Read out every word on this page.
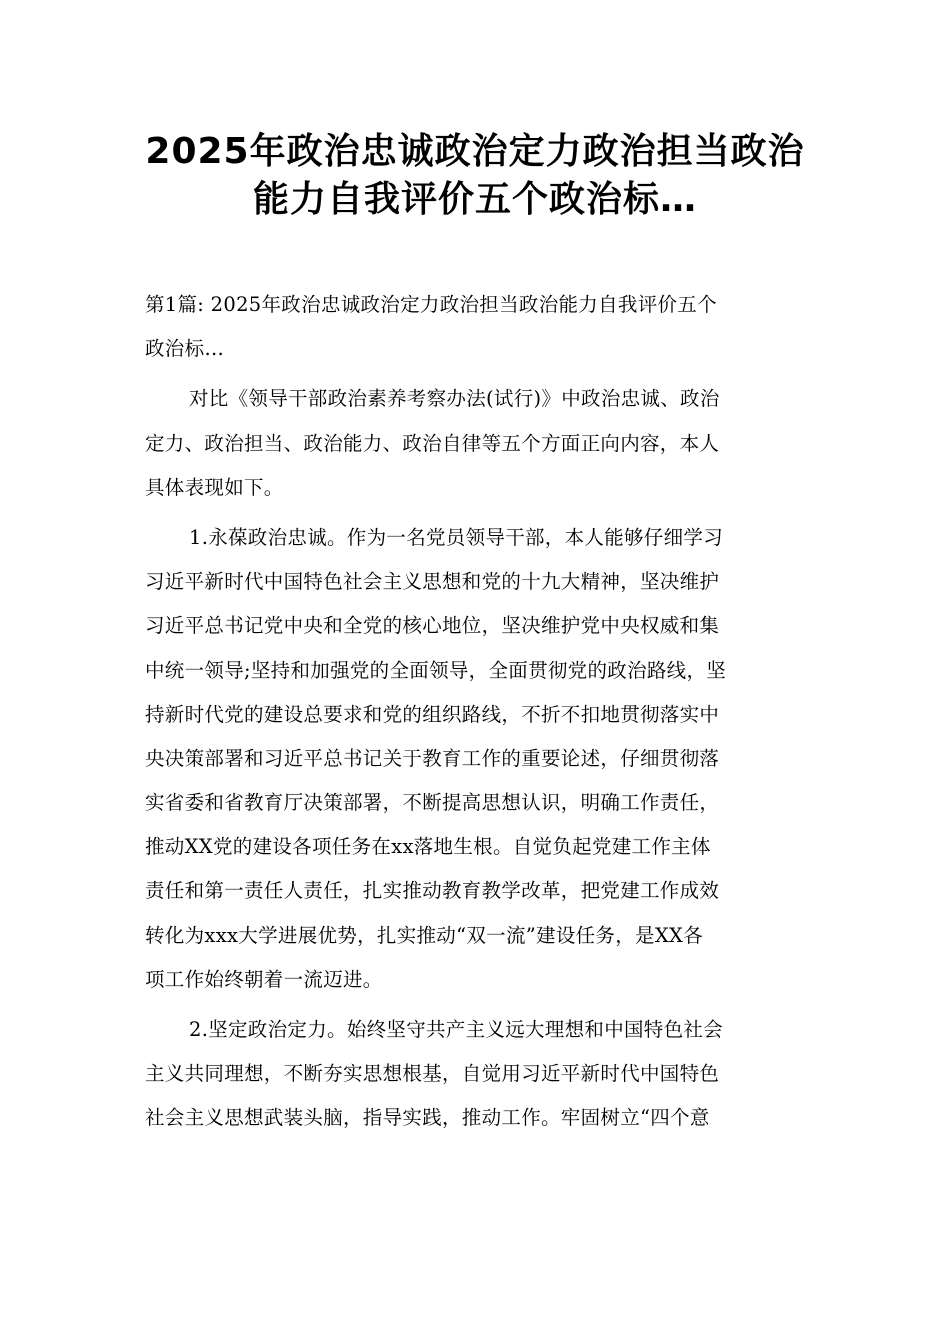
2025年政治忠诚政治定力政治担当政治
能力自我评价五个政治标…
第1篇: 2025年政治忠诚政治定力政治担当政治能力自我评价五个
政治标…
对比《领导干部政治素养考察办法(试行)》中政治忠诚、政治
定力、政治担当、政治能力、政治自律等五个方面正向内容，本人
具体表现如下。
1.永葆政治忠诚。作为一名党员领导干部，本人能够仔细学习
习近平新时代中国特色社会主义思想和党的十九大精神，坚决维护
习近平总书记党中央和全党的核心地位，坚决维护党中央权威和集
中统一领导;坚持和加强党的全面领导，全面贯彻党的政治路线，坚
持新时代党的建设总要求和党的组织路线，不折不扣地贯彻落实中
央决策部署和习近平总书记关于教育工作的重要论述，仔细贯彻落
实省委和省教育厅决策部署，不断提高思想认识，明确工作责任，
推动XX党的建设各项任务在xx落地生根。自觉负起党建工作主体
责任和第一责任人责任，扎实推动教育教学改革，把党建工作成效
转化为xxx大学进展优势，扎实推动“双一流”建设任务，是XX各
项工作始终朝着一流迈进。
2.坚定政治定力。始终坚守共产主义远大理想和中国特色社会
主义共同理想，不断夯实思想根基，自觉用习近平新时代中国特色
社会主义思想武装头脑，指导实践，推动工作。牢固树立“四个意
